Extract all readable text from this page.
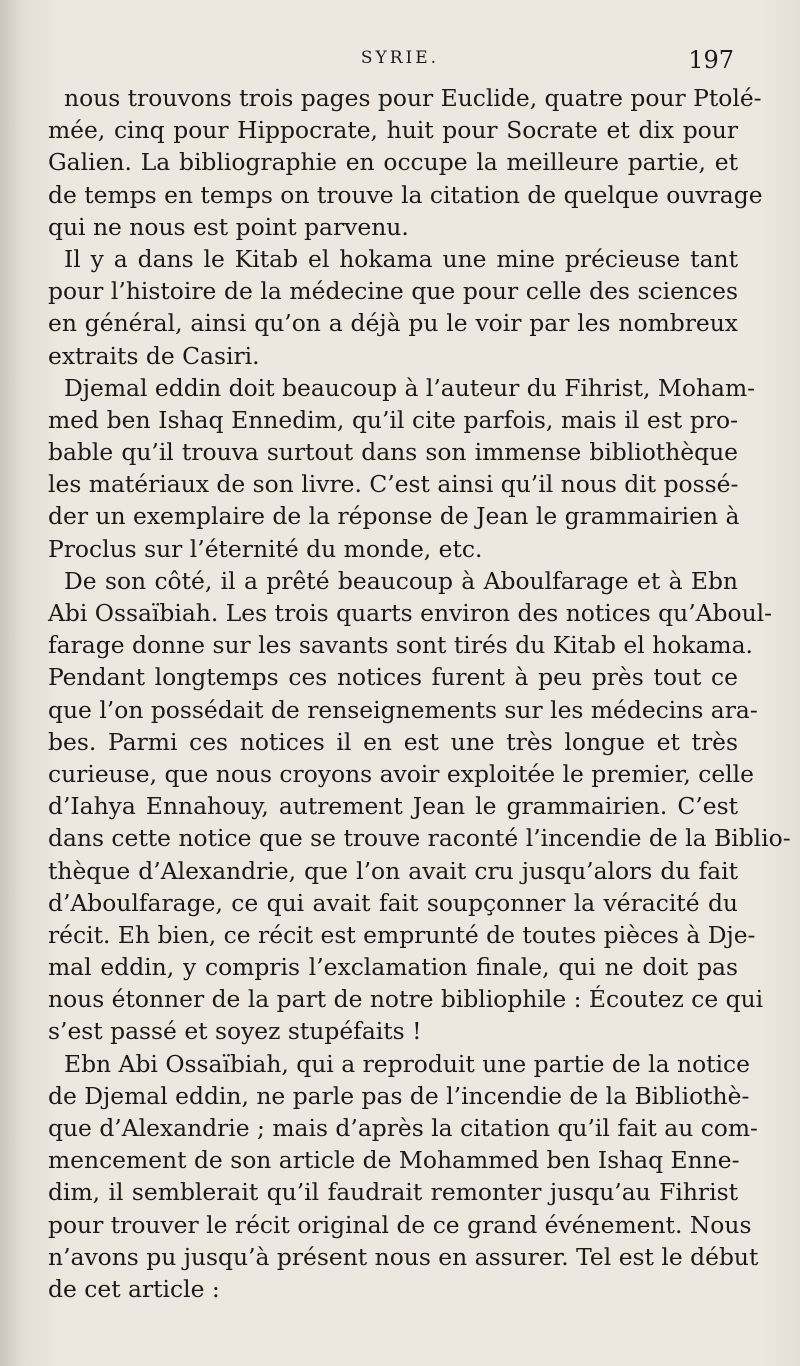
SYRIE.	197
nous trouvons trois pages pour Euclide, quatre pour Ptolé-
mée, cinq pour Hippocrate, huit pour Socrate et dix pour
Galien. La bibliographie en occupe la meilleure partie, et
de temps en temps on trouve la citation de quelque ouvrage
qui ne nous est point parvenu.
Il y a dans le Kitab el hokama une mine précieuse tant
pour l’histoire de la médecine que pour celle des sciences
en général, ainsi qu’on a déjà pu le voir par les nombreux
extraits de Casiri.
Djemal eddin doit beaucoup à l’auteur du Fihrist, Moham-
med ben Ishaq Ennedim, qu’il cite parfois, mais il est pro-
bable qu’il trouva surtout dans son immense bibliothèque
les matériaux de son livre. C’est ainsi qu’il nous dit possé-
der un exemplaire de la réponse de Jean le grammairien à
Proclus sur l’éternité du monde, etc.
De son côté, il a prêté beaucoup à Aboulfarage et à Ebn
Abi Ossaïbiah. Les trois quarts environ des notices qu’Aboul-
farage donne sur les savants sont tirés du Kitab el hokama.
Pendant longtemps ces notices furent à peu près tout ce
que l’on possédait de renseignements sur les médecins ara-
bes. Parmi ces notices il en est une très longue et très
curieuse, que nous croyons avoir exploitée le premier, celle
d’Iahya Ennahouy, autrement Jean le grammairien. C’est
dans cette notice que se trouve raconté l’incendie de la Biblio-
thèque d’Alexandrie, que l’on avait cru jusqu’alors du fait
d’Aboulfarage, ce qui avait fait soupçonner la véracité du
récit. Eh bien, ce récit est emprunté de toutes pièces à Dje-
mal eddin, y compris l’exclamation finale, qui ne doit pas
nous étonner de la part de notre bibliophile : Écoutez ce qui
s’est passé et soyez stupéfaits !
Ebn Abi Ossaïbiah, qui a reproduit une partie de la notice
de Djemal eddin, ne parle pas de l’incendie de la Bibliothè-
que d’Alexandrie ; mais d’après la citation qu’il fait au com-
mencement de son article de Mohammed ben Ishaq Enne-
dim, il semblerait qu’il faudrait remonter jusqu’au Fihrist
pour trouver le récit original de ce grand événement. Nous
n’avons pu jusqu’à présent nous en assurer. Tel est le début
de cet article :
